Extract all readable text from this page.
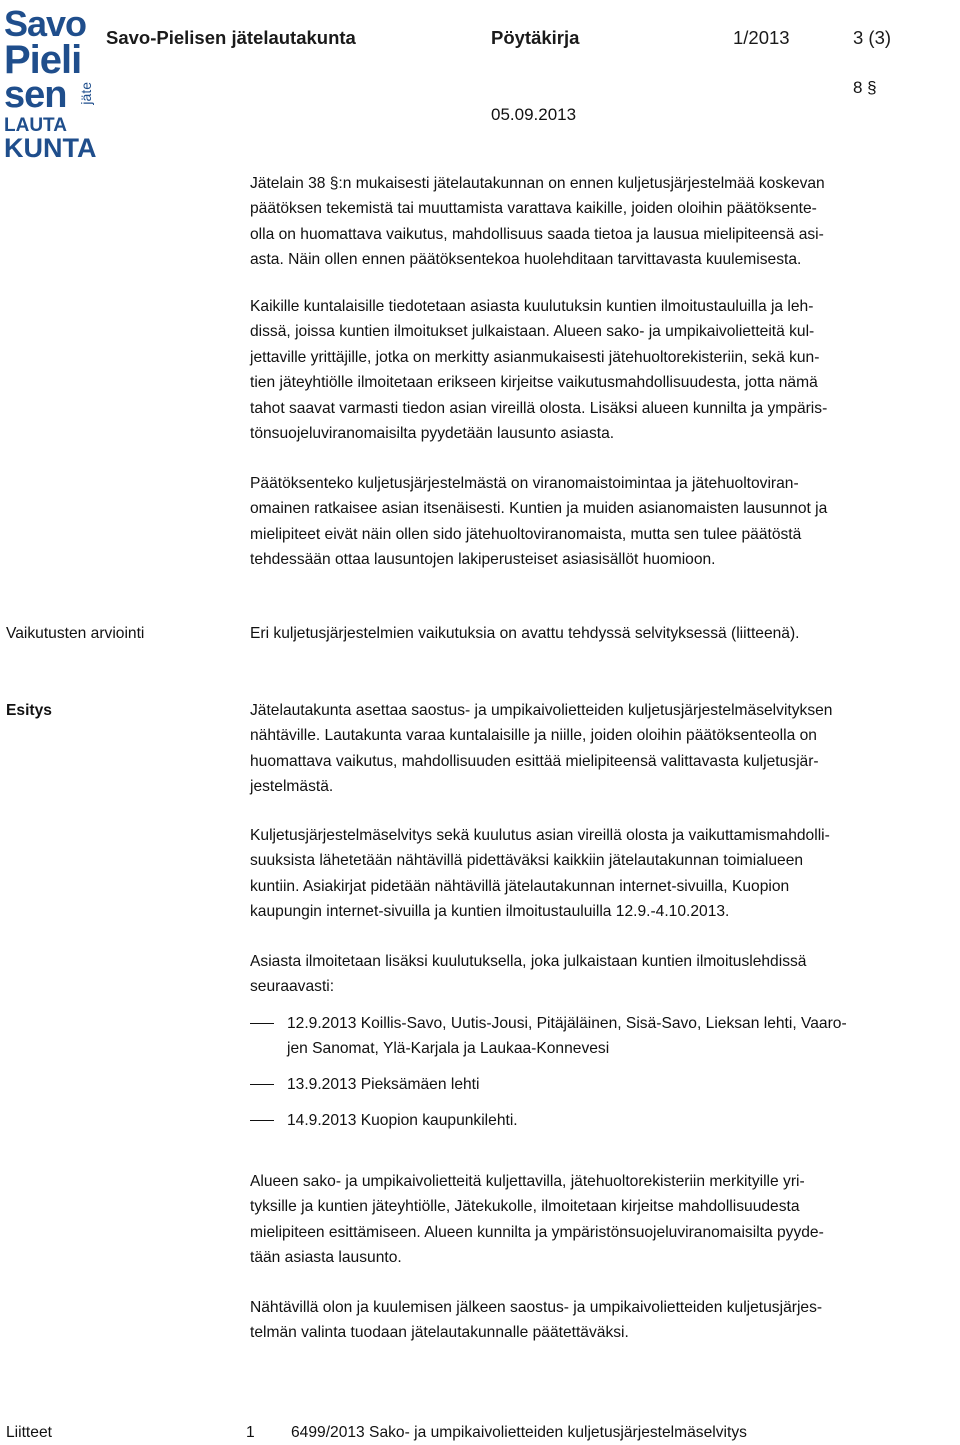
Savo
Pieli
sen
LAUTA
KUNTA
jäte
Savo-Pielisen jätelautakunta	Pöytäkirja	1/2013	3 (3)
05.09.2013
8 §
Jätelain 38 §:n mukaisesti jätelautakunnan on ennen kuljetusjärjestelmää koskevan
päätöksen tekemistä tai muuttamista varattava kaikille, joiden oloihin päätöksente-
olla on huomattava vaikutus, mahdollisuus saada tietoa ja lausua mielipiteensä asi-
asta. Näin ollen ennen päätöksentekoa huolehditaan tarvittavasta kuulemisesta.
Kaikille kuntalaisille tiedotetaan asiasta kuulutuksin kuntien ilmoitustauluilla ja leh-
dissä, joissa kuntien ilmoitukset julkaistaan. Alueen sako- ja umpikaivolietteitä kul-
jettaville yrittäjille, jotka on merkitty asianmukaisesti jätehuoltorekisteriin, sekä kun-
tien jäteyhtiölle ilmoitetaan erikseen kirjeitse vaikutusmahdollisuudesta, jotta nämä
tahot saavat varmasti tiedon asian vireillä olosta. Lisäksi alueen kunnilta ja ympäris-
tönsuojeluviranomaisilta pyydetään lausunto asiasta.
Päätöksenteko kuljetusjärjestelmästä on viranomaistoimintaa ja jätehuoltoviran-
omainen ratkaisee asian itsenäisesti. Kuntien ja muiden asianomaisten lausunnot ja
mielipiteet eivät näin ollen sido jätehuoltoviranomaista, mutta sen tulee päätöstä
tehdessään ottaa lausuntojen lakiperusteiset asiasisällöt huomioon.
Vaikutusten arviointi	Eri kuljetusjärjestelmien vaikutuksia on avattu tehdyssä selvityksessä (liitteenä).
Esitys	Jätelautakunta asettaa saostus- ja umpikaivolietteiden kuljetusjärjestelmäselvityksen
nähtäville. Lautakunta varaa kuntalaisille ja niille, joiden oloihin päätöksenteolla on
huomattava vaikutus, mahdollisuuden esittää mielipiteensä valittavasta kuljetusjär-
jestelmästä.
Kuljetusjärjestelmäselvitys sekä kuulutus asian vireillä olosta ja vaikuttamismahdolli-
suuksista lähetetään nähtävillä pidettäväksi kaikkiin jätelautakunnan toimialueen
kuntiin. Asiakirjat pidetään nähtävillä jätelautakunnan internet-sivuilla, Kuopion
kaupungin internet-sivuilla ja kuntien ilmoitustauluilla 12.9.-4.10.2013.
Asiasta ilmoitetaan lisäksi kuulutuksella, joka julkaistaan kuntien ilmoituslehdissä
seuraavasti:
12.9.2013 Koillis-Savo, Uutis-Jousi, Pitäjäläinen, Sisä-Savo, Lieksan lehti, Vaaro-
jen Sanomat, Ylä-Karjala ja Laukaa-Konnevesi
13.9.2013 Pieksämäen lehti
14.9.2013 Kuopion kaupunkilehti.
Alueen sako- ja umpikaivolietteitä kuljettavilla, jätehuoltorekisteriin merkityille yri-
tyksille ja kuntien jäteyhtiölle, Jätekukolle, ilmoitetaan kirjeitse mahdollisuudesta
mielipiteen esittämiseen. Alueen kunnilta ja ympäristönsuojeluviranomaisilta pyyde-
tään asiasta lausunto.
Nähtävillä olon ja kuulemisen jälkeen saostus- ja umpikaivolietteiden kuljetusjärjes-
telmän valinta tuodaan jätelautakunnalle päätettäväksi.
Liitteet	1 6499/2013 Sako- ja umpikaivolietteiden kuljetusjärjestelmäselvitys
